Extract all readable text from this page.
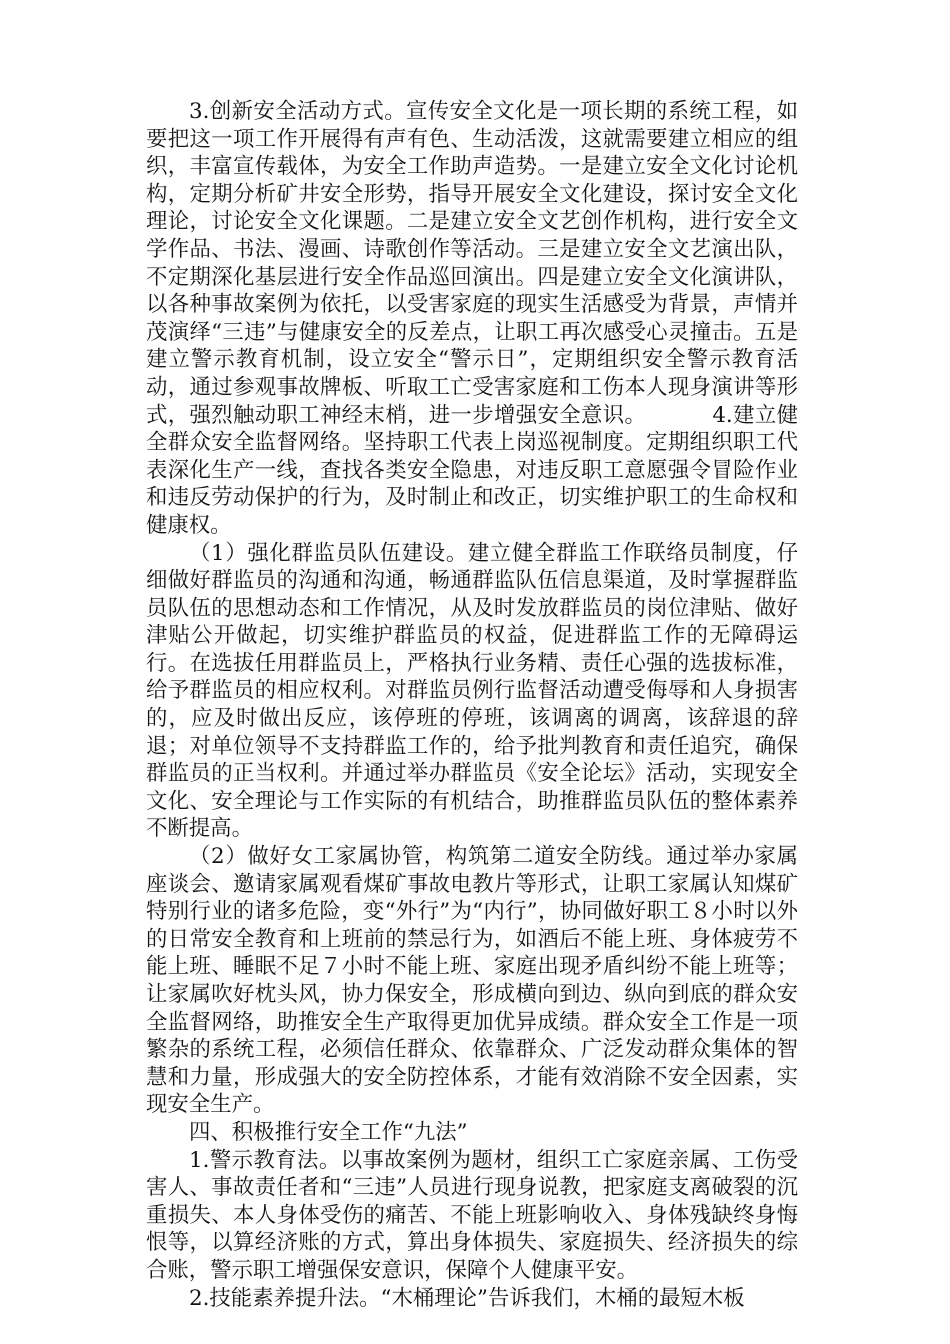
3.创新安全活动方式。宣传安全文化是一项长期的系统工程，如要把这一项工作开展得有声有色、生动活泼，这就需要建立相应的组织，丰富宣传载体，为安全工作助声造势。一是建立安全文化讨论机构，定期分析矿井安全形势，指导开展安全文化建设，探讨安全文化理论，讨论安全文化课题。二是建立安全文艺创作机构，进行安全文学作品、书法、漫画、诗歌创作等活动。三是建立安全文艺演出队，不定期深化基层进行安全作品巡回演出。四是建立安全文化演讲队，以各种事故案例为依托，以受害家庭的现实生活感受为背景，声情并茂演绎“三违”与健康安全的反差点，让职工再次感受心灵撞击。五是建立警示教育机制，设立安全“警示日”，定期组织安全警示教育活动，通过参观事故牌板、听取工亡受害家庭和工伤本人现身演讲等形式，强烈触动职工神经末梢，进一步增强安全意识。	4.建立健全群众安全监督网络。坚持职工代表上岗巡视制度。定期组织职工代表深化生产一线，査找各类安全隐患，对违反职工意愿强令冒险作业和违反劳动保护的行为，及时制止和改正，切实维护职工的生命权和健康权。

（1）强化群监员队伍建设。建立健全群监工作联络员制度，仔细做好群监员的沟通和沟通，畅通群监队伍信息渠道，及时掌握群监员队伍的思想动态和工作情况，从及时发放群监员的岗位津贴、做好津贴公开做起，切实维护群监员的权益，促进群监工作的无障碍运行。在选拔任用群监员上，严格执行业务精、责任心强的选拔标准，给予群监员的相应权利。对群监员例行监督活动遭受侮辱和人身损害的，应及时做出反应，该停班的停班，该调离的调离，该辞退的辞退；对单位领导不支持群监工作的，给予批判教育和责任追究，确保群监员的正当权利。并通过举办群监员《安全论坛》活动，实现安全文化、安全理论与工作实际的有机结合，助推群监员队伍的整体素养不断提高。

（2）做好女工家属协管，构筑第二道安全防线。通过举办家属座谈会、邀请家属观看煤矿事故电教片等形式，让职工家属认知煤矿特别行业的诸多危险，变“外行”为“内行”，协同做好职工８小时以外的日常安全教育和上班前的禁忌行为，如酒后不能上班、身体疲劳不能上班、睡眠不足７小时不能上班、家庭出现矛盾纠纷不能上班等；让家属吹好枕头风，协力保安全，形成横向到边、纵向到底的群众安全监督网络，助推安全生产取得更加优异成绩。群众安全工作是一项繁杂的系统工程，必须信任群众、依靠群众、广泛发动群众集体的智慧和力量，形成强大的安全防控体系，才能有效消除不安全因素，实现安全生产。

四、积极推行安全工作“九法”

1.警示教育法。以事故案例为题材，组织工亡家庭亲属、工伤受害人、事故责任者和“三违”人员进行现身说教，把家庭支离破裂的沉重损失、本人身体受伤的痛苦、不能上班影响收入、身体残缺终身悔恨等，以算经济账的方式，算出身体损失、家庭损失、经济损失的综合账，警示职工增强保安意识，保障个人健康平安。

2.技能素养提升法。“木桶理论”告诉我们，木桶的最短木板
